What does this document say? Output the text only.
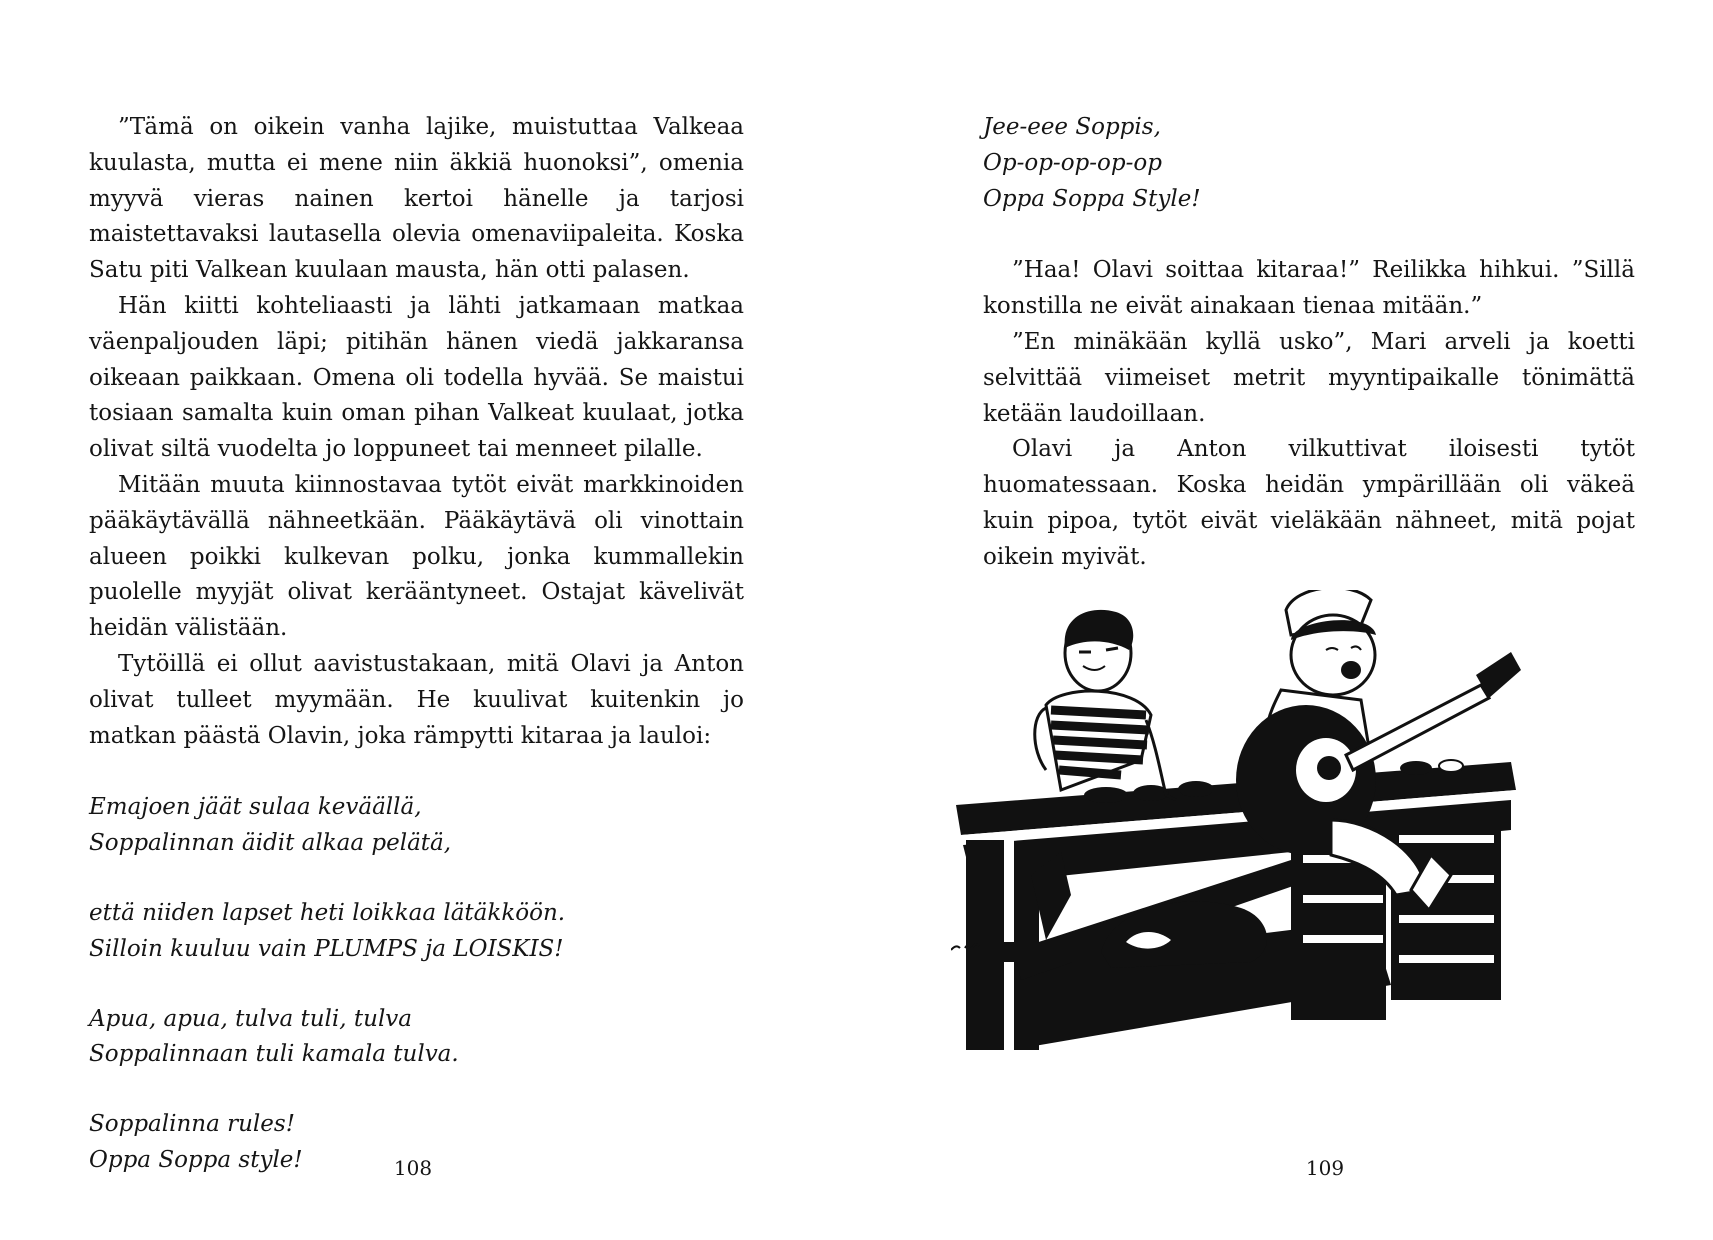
”Tämä on oikein vanha lajike, muistuttaa Valkeaa kuulasta, mutta ei mene niin äkkiä huonoksi”, omenia myyvä vieras nainen kertoi hänelle ja tarjosi maistettavaksi lautasella olevia omenaviipaleita. Koska Satu piti Valkean kuulaan mausta, hän otti palasen.

Hän kiitti kohteliaasti ja lähti jatkamaan matkaa väenpaljouden läpi; pitihän hänen viedä jakkaransa oikeaan paikkaan. Omena oli todella hyvää. Se maistui tosiaan samalta kuin oman pihan Valkeat kuulaat, jotka olivat siltä vuodelta jo loppuneet tai menneet pilalle.

Mitään muuta kiinnostavaa tytöt eivät markkinoiden pääkäytävällä nähneetkään. Pääkäytävä oli vinottain alueen poikki kulkevan polku, jonka kummallekin puolelle myyjät olivat kerääntyneet. Ostajat kävelivät heidän välistään.

Tytöillä ei ollut aavistustakaan, mitä Olavi ja Anton olivat tulleet myymään. He kuulivat kuitenkin jo matkan päästä Olavin, joka rämpytti kitaraa ja lauloi:

Emajoen jäät sulaa keväällä,
Soppalinnan äidit alkaa pelätä,

että niiden lapset heti loikkaa lätäkköön.
Silloin kuuluu vain PLUMPS ja LOISKIS!

Apua, apua, tulva tuli, tulva
Soppalinnaan tuli kamala tulva.

Soppalinna rules!
Oppa Soppa style!	108

Jee-eee Soppis,
Op-op-op-op-op
Oppa Soppa Style!

”Haa! Olavi soittaa kitaraa!” Reilikka hihkui. ”Sillä konstilla ne eivät ainakaan tienaa mitään.”

”En minäkään kyllä usko”, Mari arveli ja koetti selvittää viimeiset metrit myyntipaikalle tönimättä ketään laudoillaan.

Olavi ja Anton vilkuttivat iloisesti tytöt huomatessaan. Koska heidän ympärillään oli väkeä kuin pipoa, tytöt eivät vieläkään nähneet, mitä pojat oikein myivät.

109
